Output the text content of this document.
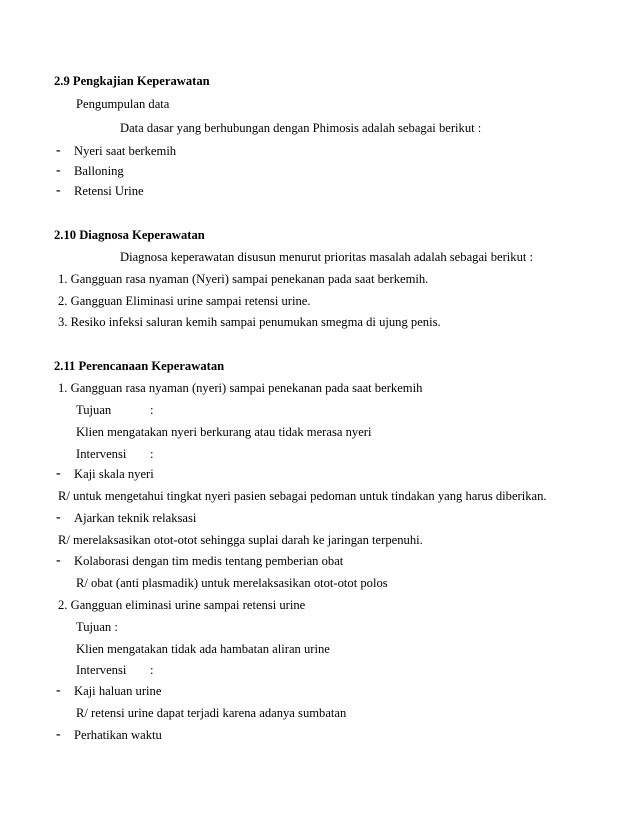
2.9 Pengkajian Keperawatan
Pengumpulan data
Data dasar yang berhubungan dengan Phimosis adalah sebagai berikut :
- Nyeri saat berkemih
- Balloning
- Retensi Urine
2.10 Diagnosa Keperawatan
Diagnosa keperawatan disusun menurut prioritas masalah adalah sebagai berikut :
1. Gangguan rasa nyaman (Nyeri) sampai penekanan pada saat berkemih.
2. Gangguan Eliminasi urine sampai retensi urine.
3. Resiko infeksi saluran kemih sampai penumukan smegma di ujung penis.
2.11 Perencanaan Keperawatan
1. Gangguan rasa nyaman (nyeri) sampai penekanan pada saat berkemih
Tujuan	:
Klien mengatakan nyeri berkurang atau tidak merasa nyeri
Intervensi :
- Kaji skala nyeri
R/ untuk mengetahui tingkat nyeri pasien sebagai pedoman untuk tindakan yang harus diberikan.
- Ajarkan teknik relaksasi
R/ merelaksasikan otot-otot sehingga suplai darah ke jaringan terpenuhi.
- Kolaborasi dengan tim medis tentang pemberian obat
R/ obat (anti plasmadik) untuk merelaksasikan otot-otot polos
2. Gangguan eliminasi urine sampai retensi urine
Tujuan :
Klien mengatakan tidak ada hambatan aliran urine
Intervensi :
- Kaji haluan urine
R/ retensi urine dapat terjadi karena adanya sumbatan
- Perhatikan waktu
